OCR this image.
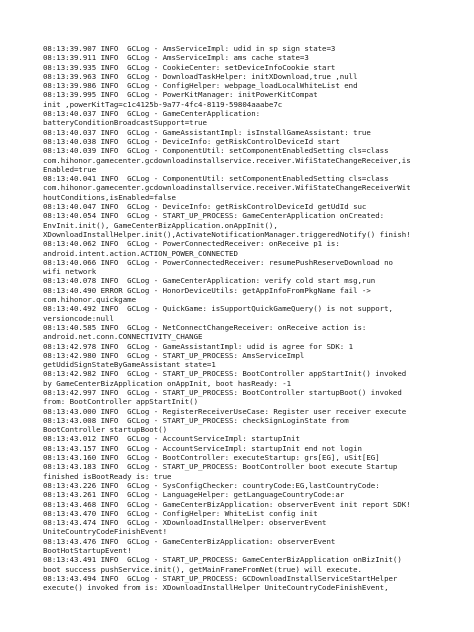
08:13:39.907 INFO  GCLog - AmsServiceImpl: udid in sp sign state=3
08:13:39.911 INFO  GCLog - AmsServiceImpl: ams cache state=3
08:13:39.935 INFO  GCLog - CookieCenter: setDeviceInfoCookie start
08:13:39.963 INFO  GCLog - DownloadTaskHelper: initXDownload,true ,null
08:13:39.986 INFO  GCLog - ConfigHelper: webpage_loadLocalWhiteList end
08:13:39.995 INFO  GCLog - PowerKitManager: initPowerKitCompat
init ,powerKitTag=c1c4125b-9a77-4fc4-8119-59804aaabe7c
08:13:40.037 INFO  GCLog - GameCenterApplication:
batteryConditionBroadcastSupport=true
08:13:40.037 INFO  GCLog - GameAssistantImpl: isInstallGameAssistant: true
08:13:40.038 INFO  GCLog - DeviceInfo: getRiskControlDeviceId start
08:13:40.039 INFO  GCLog - ComponentUtil: setComponentEnabledSetting cls=class
com.hihonor.gamecenter.gcdownloadinstallservice.receiver.WifiStateChangeReceiver,is
Enabled=true
08:13:40.041 INFO  GCLog - ComponentUtil: setComponentEnabledSetting cls=class
com.hihonor.gamecenter.gcdownloadinstallservice.receiver.WifiStateChangeReceiverWit
houtConditions,isEnabled=false
08:13:40.047 INFO  GCLog - DeviceInfo: getRiskControlDeviceId getUdId suc
08:13:40.054 INFO  GCLog - START_UP_PROCESS: GameCenterApplication onCreated:
EnvInit.init(), GameCenterBizApplication.onAppInit(),
XDownloadInstallHelper.init(),ActivateNotificationManager.triggeredNotify() finish!
08:13:40.062 INFO  GCLog - PowerConnectedReceiver: onReceive p1 is:
android.intent.action.ACTION_POWER_CONNECTED
08:13:40.066 INFO  GCLog - PowerConnectedReceiver: resumePushReserveDownload no
wifi network
08:13:40.078 INFO  GCLog - GameCenterApplication: verify cold start msg,run
08:13:40.490 ERROR GCLog - HonorDeviceUtils: getAppInfoFromPkgName fail ->
com.hihonor.quickgame
08:13:40.492 INFO  GCLog - QuickGame: isSupportQuickGameQuery() is not support,
versioncode:null
08:13:40.585 INFO  GCLog - NetConnectChangeReceiver: onReceive action is:
android.net.conn.CONNECTIVITY_CHANGE
08:13:42.978 INFO  GCLog - GameAssistantImpl: udid is agree for SDK: 1
08:13:42.980 INFO  GCLog - START_UP_PROCESS: AmsServiceImpl
getUdidSignStateByGameAssistant state=1
08:13:42.982 INFO  GCLog - START_UP_PROCESS: BootController appStartInit() invoked
by GameCenterBizApplication onAppInit, boot hasReady: -1
08:13:42.997 INFO  GCLog - START_UP_PROCESS: BootController startupBoot() invoked
from: BootController appStartInit()
08:13:43.000 INFO  GCLog - RegisterReceiverUseCase: Register user receiver execute
08:13:43.008 INFO  GCLog - START_UP_PROCESS: checkSignLoginState from
BootController startupBoot()
08:13:43.012 INFO  GCLog - AccountServiceImpl: startupInit
08:13:43.157 INFO  GCLog - AccountServiceImpl: startupInit end not login
08:13:43.160 INFO  GCLog - BootController: executeStartup: grs[EG], uSit[EG]
08:13:43.183 INFO  GCLog - START_UP_PROCESS: BootController boot execute Startup
finished isBootReady is: true
08:13:43.226 INFO  GCLog - SysConfigChecker: countryCode:EG,lastCountryCode:
08:13:43.261 INFO  GCLog - LanguageHelper: getLanguageCountryCode:ar
08:13:43.468 INFO  GCLog - GameCenterBizApplication: observerEvent init report SDK!
08:13:43.470 INFO  GCLog - ConfigHelper: WhiteList config init
08:13:43.474 INFO  GCLog - XDownloadInstallHelper: observerEvent
UniteCountryCodeFinishEvent!
08:13:43.476 INFO  GCLog - GameCenterBizApplication: observerEvent
BootHotStartupEvent!
08:13:43.491 INFO  GCLog - START_UP_PROCESS: GameCenterBizApplication onBizInit()
boot success pushService.init(), getMainFrameFromNet(true) will execute.
08:13:43.494 INFO  GCLog - START_UP_PROCESS: GCDownloadInstallServiceStartHelper
execute() invoked from is: XDownloadInstallHelper UniteCountryCodeFinishEvent,
